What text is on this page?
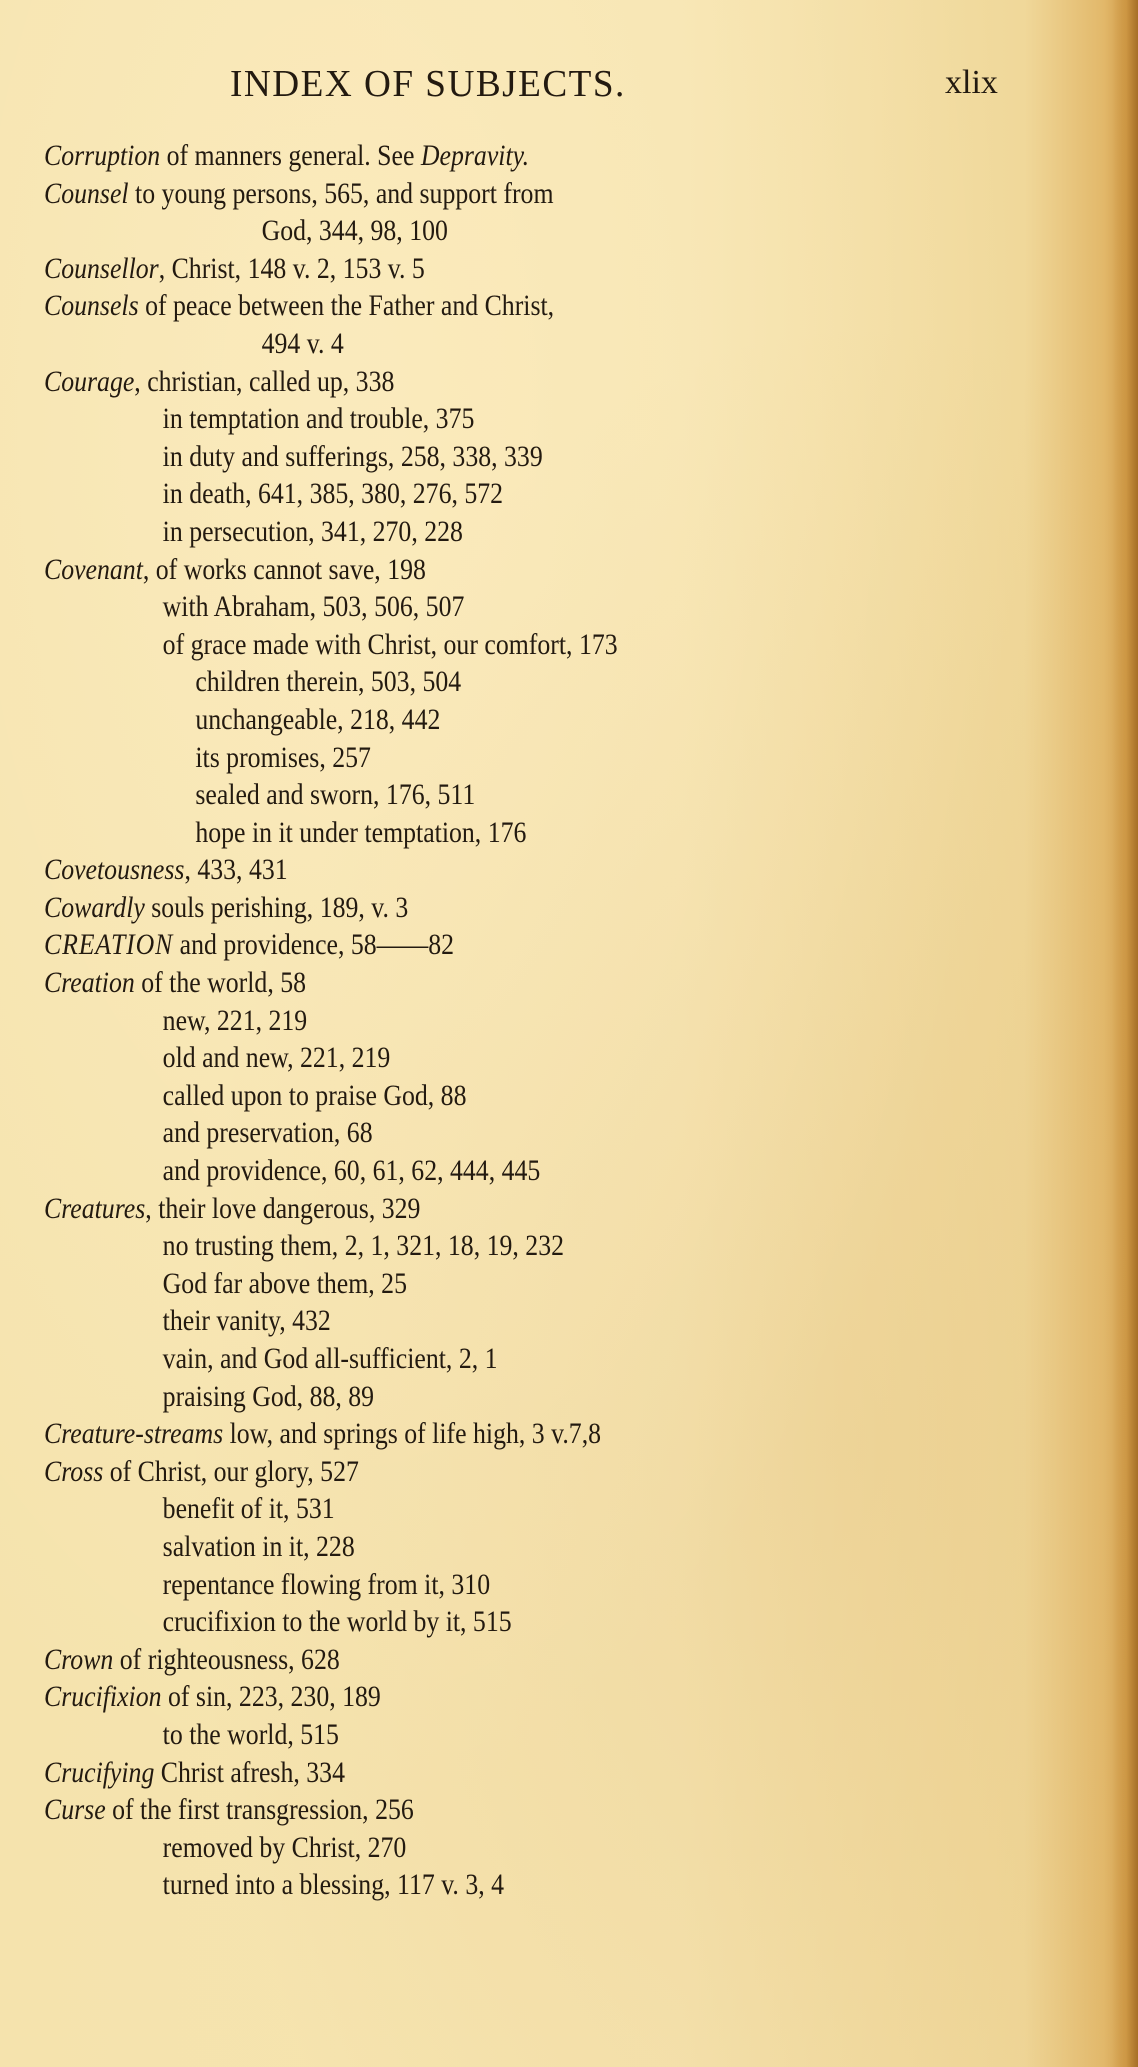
INDEX OF SUBJECTS.	xlix
Corruption of manners general. See Depravity.
Counsel to young persons, 565, and support from
God, 344, 98, 100
Counsellor, Christ, 148 v. 2, 153 v. 5
Counsels of peace between the Father and Christ,
494 v. 4
Courage, christian, called up, 338
in temptation and trouble, 375
in duty and sufferings, 258, 338, 339
in death, 641, 385, 380, 276, 572
in persecution, 341, 270, 228
Covenant, of works cannot save, 198
with Abraham, 503, 506, 507
of grace made with Christ, our comfort, 173
children therein, 503, 504
unchangeable, 218, 442
its promises, 257
sealed and sworn, 176, 511
hope in it under temptation, 176
Covetousness, 433, 431
Cowardly souls perishing, 189, v. 3
CREATION and providence, 58——82
Creation of the world, 58
new, 221, 219
old and new, 221, 219
called upon to praise God, 88
and preservation, 68
and providence, 60, 61, 62, 444, 445
Creatures, their love dangerous, 329
no trusting them, 2, 1, 321, 18, 19, 232
God far above them, 25
their vanity, 432
vain, and God all-sufficient, 2, 1
praising God, 88, 89
Creature-streams low, and springs of life high, 3 v.7,8
Cross of Christ, our glory, 527
benefit of it, 531
salvation in it, 228
repentance flowing from it, 310
crucifixion to the world by it, 515
Crown of righteousness, 628
Crucifixion of sin, 223, 230, 189
to the world, 515
Crucifying Christ afresh, 334
Curse of the first transgression, 256
removed by Christ, 270
turned into a blessing, 117 v. 3, 4
